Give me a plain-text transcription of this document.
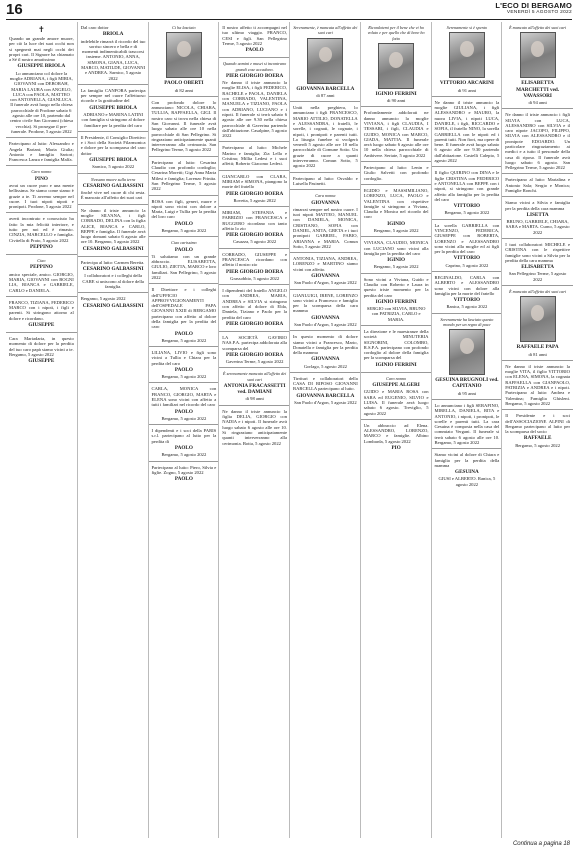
16	L'ECO DI BERGAMO
VENERDÌ 5 AGOSTO 2022
✝
Quando un grande amore muore, per ciò la luce dei suoi occhi non si spegnerà mai negli occhi dei propri cari. Il Signore ha chiamato a Sé il nostro amatissimo
GIUSEPPE BRIOLA
Lo annunciano col dolore la moglie ADRIANA, i figli MIRIA, GIOVANNI con DEBORAH, MARIA LAURA con ANGELO, LUCA con PAOLA, MATTEO con ANTONELLA, GIANLUCA. Il funerale avrà luogo nella chiesa parrocchiale di Prodone sabato 6 agosto alle ore 10, partendo dal centro civile San Giovanni (chiesa vecchia). Si prosegue il pre-funerale. Prodone, 5 agosto 2022
Partecipano al lutto: Alessandro e Angela Bariani; Maria Giulia; Antonio e famiglia Sartori; Francesca Lanza e famiglia Malfa.
Caro nonno
PINO
avrai un cuore puro e una mente bellissima. Se siamo come siamo è grazie a te. Ti avremo sempre nel cuore. I tuoi nipoti nipoti e pronipoti. Prodone, 5 agosto 2022
averti incontrato e conosciuto ha fatto la mia felicità interiore, e tutto per noi ed è rimasto. CINZIA, MARCELLO e famiglia. Civitella di Prato, 5 agosto 2022
PEPPINO
Ciao
PEPPINO
amico speciale, amico. GIORGIO, MARIA, GIOVANNI con BOGNI LIA, BIANCA e GABRIELE, CARLO e DANIELA.
FRANCO, TIZIANA, FEDERICO MARCO con i nipoti, i figli e parenti. Si stringono attorno al dolore e ricordano.
GIUSEPPE
Cara Mariadaria, in questo momento di dolore per la perdita del tuo caro papà siamo vicini a te. Bergamo, 5 agosto 2022
GIUSEPPE
Dal caro dottor
BRIOLA
indelebile rimarrà il ricordo del tuo sorriso sincero e bella e di momenti indimenticabili trascorsi insieme. ANTONIO, ANNA, SIMONA, GIANA, LUCA, MARCO, MATILDE, GIOVANNI e ANDREA. Sarnico, 5 agosto 2022
La famiglia CANFORA partecipa per sempre nel cuore l'affettuoso ricordo e la gratitudine del
GIUSEPPE BRIOLA
ADRIANO e MARINA LATINI con famiglia si stringono al dolore familiare per la perdita del caro
Il Presidente, il Consiglio Direttivo e i Soci della Società Filarmonica e dolore per la scomparsa del caro dottor
GIUSEPPE BRIOLA
Sarnico, 5 agosto 2022
Nessuno muore sulla terra
CESARINO GALBASSINI
finché vive nel cuore di chi resta. È mancato all'affetto dei suoi cari
Ne danno il triste annuncio la moglie SILVANA, i figli CORRADO, DELINA con la figlia ALICE, BIANCA e CARLO, BEPPE e famiglia. Il funerale avrà luogo domani sabato 6 agosto alle ore 10. Bergamo, 5 agosto 2022
CESARINO GALBASSINI
Partecipa al lutto: Carmen Beretta.
CESARINO GALBASSINI
I collaboratori e i colleghi della CARE si uniscono al dolore della famiglia.
Bergamo, 5 agosto 2022
CESARINO GALBASSINI
Ci ha lasciato
PAOLO OBERTI
di 82 anni
Con profondo dolore lo annunciano: NICOLA, CHIARA, TULLIA, RAFFAELLA, GIGI. Il nostro caro si trova nella chiesa di San Giovanni. Il funerale avrà luogo sabato alle ore 10 nella parrocchiale di San Pellegrino. Si ringraziano anticipatamente quanti interverranno alla cerimonia. San Pellegrino Terme, 5 agosto 2022
Partecipano al lutto: Cesarina Claudio con profondo cordoglio; Cesarina Moretti; Gigi Anna Maria Milesi e famiglia; Lorenzo Frinita. San Pellegrino Terme, 5 agosto 2022
ROSA con figli, generi, nuore e nipoti sono vicini con dolore a Maria, Luigi e Tullia per la perdita del loro caro
PAOLO
Bergamo, 5 agosto 2022
Ciao carissimo
PAOLO
Ti salutiamo con un grande abbraccio. ELISABETTA, GIULIO, ZIETTA, MARCO e loro familiari. San Pellegrino, 5 agosto 2022
Il Direttore e i colleghi dell'UFFICIO APPROVVIGIONAMENTI dell'OSPEDALE PAPA GIOVANNI XXIII di BERGAMO partecipano con affetto al dolore della famiglia per la perdita del caro
PAOLO
Bergamo, 5 agosto 2022
LILIANA, LIVIO e figli sono vicini a Tullia e Chiara per la perdita del caro
PAOLO
Bergamo, 5 agosto 2022
CARLA, MONICA con FRANCO, GIORGIO, MARTA e ELENA sono vicini con affetto a tutti i familiari nel ricordo del caro
PAOLO
Bergamo, 5 agosto 2022
I dipendenti e i soci della PARIS s.r.l. partecipano al lutto per la perdita di
PAOLO
Bergamo, 5 agosto 2022
Partecipano al lutto: Piero, Silvia e figlie. Zogno, 5 agosto 2022
PAOLO
Il nostro affetto ti accompagni nel tuo ultimo viaggio. FRANCO, CESI e figli. San Pellegrino Terme, 5 agosto 2022
PAOLO
Quando uomini e musei si incontrano grandi cose accadono.
PIER GIORGIO BOERA
Ne danno il triste annuncio la moglie ELISA, i figli FEDERICO, RACHELE e PAOLA, DANIELA con CORRADO, VALENTINA, MANUELA e TIZIANO, PAOLA con ADRIANO, LUCIANO e i nipoti. Il funerale si terrà sabato 6 agosto alle ore 9.30 nella chiesa parrocchiale di Gaverina partendo dall'abitazione. Casalpine, 5 agosto 2022
Partecipano al lutto: Michele Marino e famiglia; Zia Lella e Cristina; Millia Ledesi e i suoi affetti; Roberto Giacomo Ledesi.
GIANCARLO con CLARA, MIRIAM e SIMONA, piangono la morte del fratello
PIER GIORGIO BOERA
Rovetta, 5 agosto 2022
MIRIAM, STEFANIA e FABRIZIO con FRANCESCA e RUGGERO ricordano con tanto affetto lo zio
PIER GIORGIO BOERA
Casazza, 5 agosto 2022
CORRADO, GIUSEPPE e FRANCESCA ricordano con affetto il nostro zio
PIER GIORGIO BOERA
Grassobbio, 5 agosto 2022
I dipendenti del fratello ANGELO con ANDREA, MARIA, ANDREA e SILVIA si stringono con affetto al dolore di Elda, Daniela, Tiziano e Paolo per la perdita del caro
PIER GIORGIO BOERA
LA SOCIETÀ GAVIRIO NAS.P.A. partecipa addolorata alla scomparsa del
PIER GIORGIO BOERA
Gaverina Terme, 5 agosto 2022
È serenamente mancato all'affetto dei suoi cari
ANTONIA FRACASSETTI ved. DAMIANI
di 98 anni
Ne danno il triste annuncio la figlia DELIA, GIORGIO con NADIA e i nipoti. Il funerale avrà luogo sabato 6 agosto alle ore 10. Si ringraziano anticipatamente quanti interverranno alla cerimonia. Botta, 5 agosto 2022
Serenamente, è mancata all'affetto dei suoi cari
GIOVANNA BARCELLA
di 87 anni
Uniti nella preghiera, lo annunciano i figli FRANCESCO, MARIO ATTILIO, DONATELLA e ALESSANDRA, i fratelli, le sorelle, i cognati, le cognate, i nipoti, i pronipoti e parenti tutti. La liturgia funebre si svolgerà venerdì 5 agosto alle ore 10 nella parrocchiale di Comune Sotto. Un grazie di cuore a quanti interverranno. Comun Sotto, 5 agosto 2022
Partecipano al lutto: Osvaldo e Luisella Pasinetti.
Cara nonna
GIOVANNA
rimarrai sempre nel nostro cuore. I tuoi nipoti MATTEO, MANUEL con DANIELA, MONICA, CRISTIANO, SOFIA con DANIEL, ANITA, GRETA e i tuoi pronipoti GABRIEL, FABIO, ARIANNA e MARIA. Comun Sotto, 5 agosto 2022
ANTONIA, TIZIANA, ANDREA, LORENZO e MARTINO siamo vicini con affetto.
GIOVANNA
San Paolo d'Argon, 5 agosto 2022
GIANLUIGI, IRENE, LORENZO sono vicini a Francesco e famiglia per la scomparsa della cara mamma
GIOVANNA
San Paolo d'Argon, 5 agosto 2022
In questo momento di dolore siamo vicini a Francesco, Mario, Donatella e famiglia per la perdita della mamma
GIOVANNA
Gorlago, 5 agosto 2022
Tirrituri e collaboratori della CASA DI RIPOSO GIOVANNI BARCELLA partecipano al lutto.
GIOVANNA BARCELLA
San Paolo d'Argon, 5 agosto 2022
Ricordatemi per il bene che vi ho voluto e per quello che di bene ho fatto
IGINIO FERRINI
di 90 anni
Profondamente addolorati ne danno annuncio la moglie VIVIANA, i figli CLAUDIA, I TESSARI, i figli, CLAUDIA e GUIDO, MONICA con MARCO, GIADA, MATTIA. Il funerale avrà luogo sabato 6 agosto alle ore 10 nella chiesa parrocchiale di Ambivere. Seriate, 5 agosto 2022
Partecipano al lutto: Lenin e Giulio Salvetti con profondo cordoglio.
EGIDIO e MASSIMILIANO, LORENZO, LUCA, PAOLO e VALENTINA con rispettive famiglie si stringono a Viviana, Claudia e Monica nel ricordo del caro
IGINIO
Bergamo, 5 agosto 2022
VIVIANA, CLAUDIO, MONICA con LUCIANO sono vicini alla famiglia per la perdita del caro
IGINIO
Bergamo, 5 agosto 2022
Sono vicini a Viviana, Guido e Claudia con Roberto e Laura in questo triste momento per la perdita del caro
IGINIO FERRINI
SERGIO con SILVIA, BRUNO con PATRIZIA, CARLO e MARIA.
La direzione e le maestranze della società MINUTERIA SIGNORINI, COLOMBO, R.S.P.A. partecipano con profondo cordoglio al dolore della famiglia per la scomparsa del
IGINIO FERRINI
Caro nonno
GIUSEPPE ALGERI
GUIDO e MARIA ROSA con SARA ed EUGENIO, SILVIO e LUISA. Il funerale avrà luogo sabato 6 agosto. Treviglio, 5 agosto 2022
Un abbraccio ad Elena. ALESSANDRO, LORENZO, MARCO e famiglie. Albino Lombarda, 5 agosto 2022
PIO
Serenamente si è spento
VITTORIO ARCARINI
di 91 anni
Ne danno il triste annuncio la moglie GIULIANA, i figli ALESSANDRO e MAURO, la nuora LIVIA, i nipoti LUCA, DANIELE, i figli, RICCARDO e SOFIA, il fratello NINO, la sorella GABRIELLA con le nipoti ed i parenti tutti. Non fiori, ma opere di bene. Il funerale avrà luogo sabato 6 agosto alle ore 9.30 partendo dall'abitazione. Castelli Calepio, 5 agosto 2022
Il figlio QUIRINO con DINA e le figlie CRISTINA con FEDERICO e ANTONELLA con BEPPE con i nipoti, si stringono con grande affetto alla famiglia per la perdita del caro
VITTORIO
Bergamo, 5 agosto 2022
La sorella GABRIELLA con VINCENZO, FEDERICA, GIUSEPPE con ROBERTA, LORENZO e ALESSANDRO sono vicini alla moglie ed ai figli per la perdita del caro
VITTORIO
Caprino, 5 agosto 2022
REGINALDO, CARLA con ALBERTO e ALESSANDRO sono vicini con dolore alla famiglia per la morte del fratello
VITTORIO
Ranica, 5 agosto 2022
Serenamente ha lasciato questo mondo per un regno di pace
GESUINA BRUGNOLI ved. CAPITANIO
di 95 anni
Lo annunciano i figli SERAFINO, MIRELLA, DANIELA, RITA e ANTONIO, i nipoti, i pronipoti, le sorelle e parenti tutti. La cara Gesuina è composta nella casa del commiato Vergani. Il funerale si terrà sabato 6 agosto alle ore 10. Bergamo, 5 agosto 2022
Siamo vicini al dolore di Chiara e famiglia per la perdita della mamma
GESUINA
GIUSI e ALBERTO. Ranica, 5 agosto 2022
È mancato all'affetto dei suoi cari
ELISABETTA MARCHETTI ved. VAVASSORI
di 94 anni
Ne danno il triste annuncio i figli SILVIA con LUCA, ALESSANDRO con SILVIA e il caro nipote JACOPO, FILIPPO, SILVIA con ALESSANDRO e il pronipote EDOARDO. Un particolare ringraziamento ai medici e a tutto il personale della casa di riposo. Il funerale avrà luogo sabato 6 agosto. San Pellegrino Terme, 5 agosto 2022
Partecipano al lutto: Marialina e Antonio Sala; Sergio e Monica; Famiglie Ronchi.
Siamo vicini a Silvia e famiglia per la perdita della cara mamma
LISETTA
BRUNO, GABRIELE, CHIARA, SARA e MARTA. Curno, 5 agosto 2022
I tuoi collaboratori MICHELE e CRISTINA con le rispettive famiglie sono vicini a Silvia per la perdita della cara mamma
ELISABETTA
San Pellegrino Terme, 5 agosto 2022
È mancato all'affetto dei suoi cari
RAFFAELE PAPA
di 81 anni
Ne danno il triste annuncio la moglie VITA, il figlio VITTORIO con ELENA, SIMONA, la cognata RAFFAELLA con GIANPAOLO, PATRIZIA e ANDREA e i nipoti. Partecipano al lutto: Andrea e Valentina; Famiglia Ghisleni. Bergamo, 5 agosto 2022
Il Presidente e i soci dell'ASSOCIAZIONE ALPINI di Bergamo partecipano al lutto per la scomparsa del socio
RAFFAELE
Bergamo, 5 agosto 2022
Continua a pagina 18
